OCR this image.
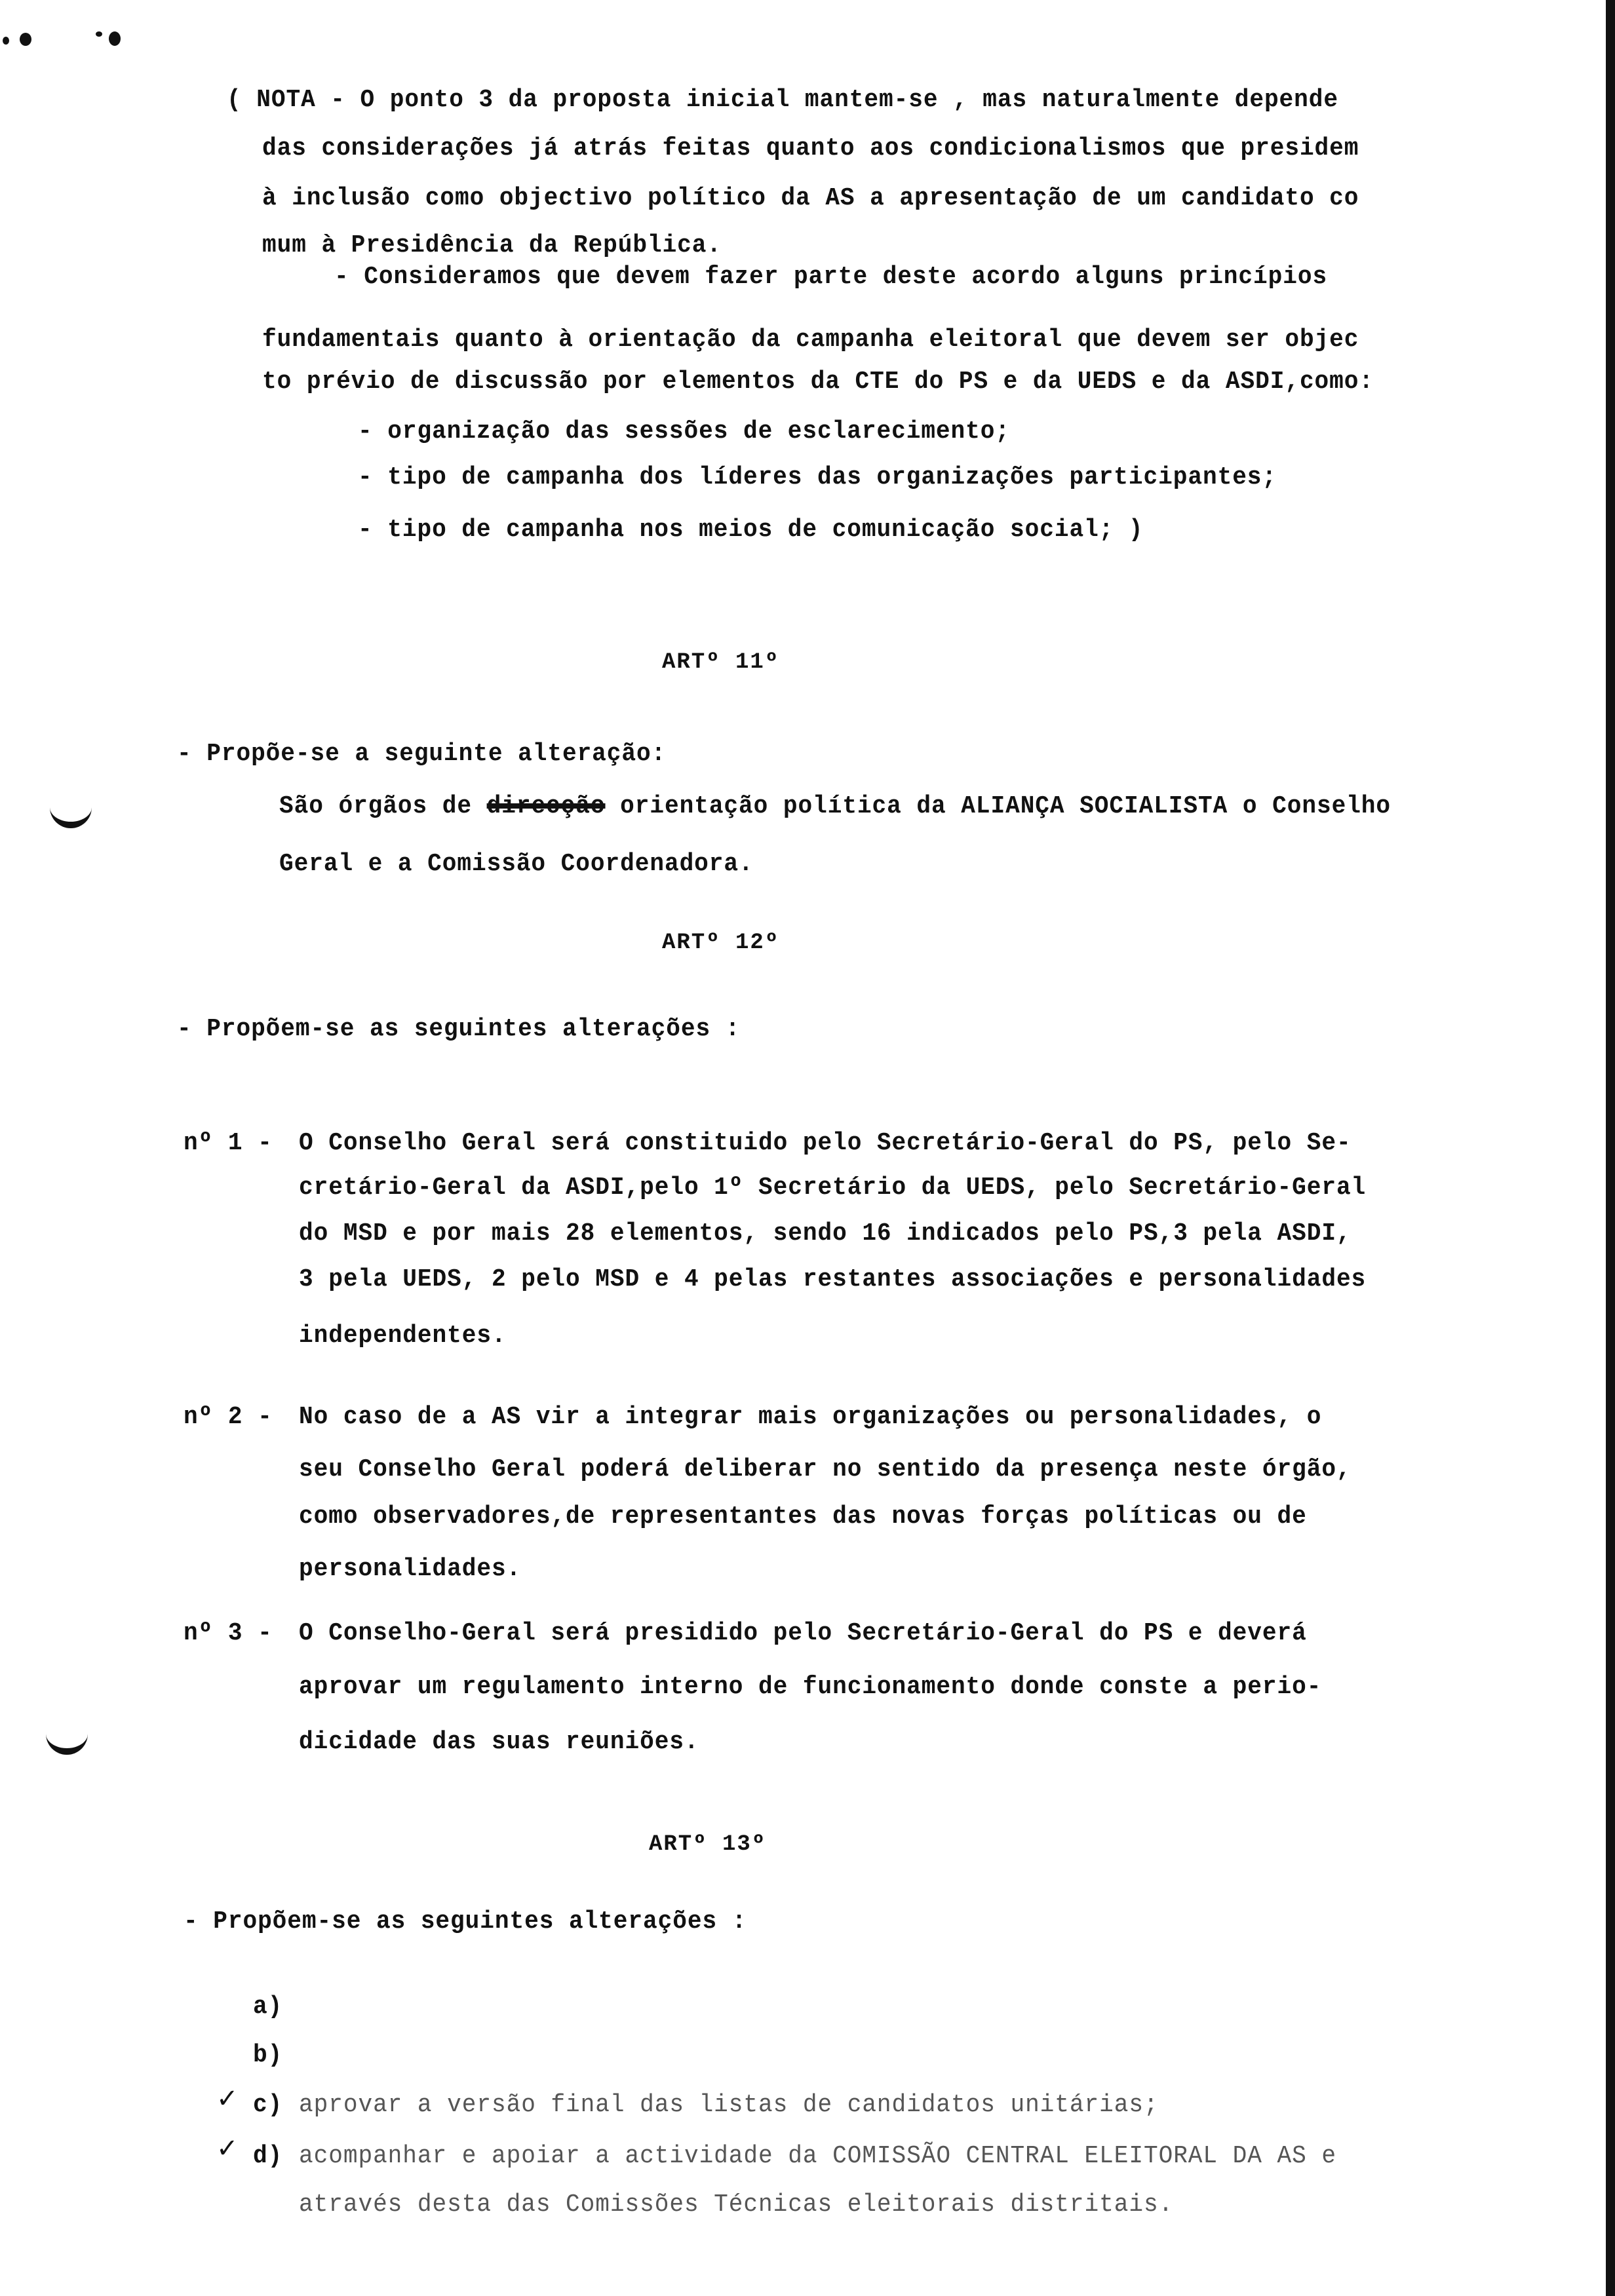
( NOTA - O ponto 3 da proposta inicial mantem-se , mas naturalmente depende
das considerações já atrás feitas quanto aos condicionalismos que presidem
à inclusão como objectivo político da AS a apresentação de um candidato co
mum à Presidência da República.
- Consideramos que devem fazer parte deste acordo alguns princípios
fundamentais quanto à orientação da campanha eleitoral que devem ser objec
to prévio de discussão por elementos da CTE do PS e da UEDS e da ASDI,como:
- organização das sessões de esclarecimento;
- tipo de campanha dos líderes das organizações participantes;
- tipo de campanha nos meios de comunicação social; )
ARTº 11º
- Propõe-se a seguinte alteração:
São órgãos de direcção orientação política da ALIANÇA SOCIALISTA o Conselho
Geral e a Comissão Coordenadora.
ARTº 12º
- Propõem-se as seguintes alterações :
nº 1 - O Conselho Geral será constituido pelo Secretário-Geral do PS, pelo Se-
cretário-Geral da ASDI,pelo 1º Secretário da UEDS, pelo Secretário-Geral
do MSD e por mais 28 elementos, sendo 16 indicados pelo PS,3 pela ASDI,
3 pela UEDS, 2 pelo MSD e 4 pelas restantes associações e personalidades
independentes.
nº 2 - No caso de a AS vir a integrar mais organizações ou personalidades, o
seu Conselho Geral poderá deliberar no sentido da presença neste órgão,
como observadores,de representantes das novas forças políticas ou de
personalidades.
nº 3 - O Conselho-Geral será presidido pelo Secretário-Geral do PS e deverá
aprovar um regulamento interno de funcionamento donde conste a perio-
dicidade das suas reuniões.
ARTº 13º
- Propõem-se as seguintes alterações :
a)
b)
✓ c) aprovar a versão final das listas de candidatos unitárias;
✓ d) acompanhar e apoiar a actividade da COMISSÃO CENTRAL ELEITORAL DA AS e
através desta das Comissões Técnicas eleitorais distritais.
